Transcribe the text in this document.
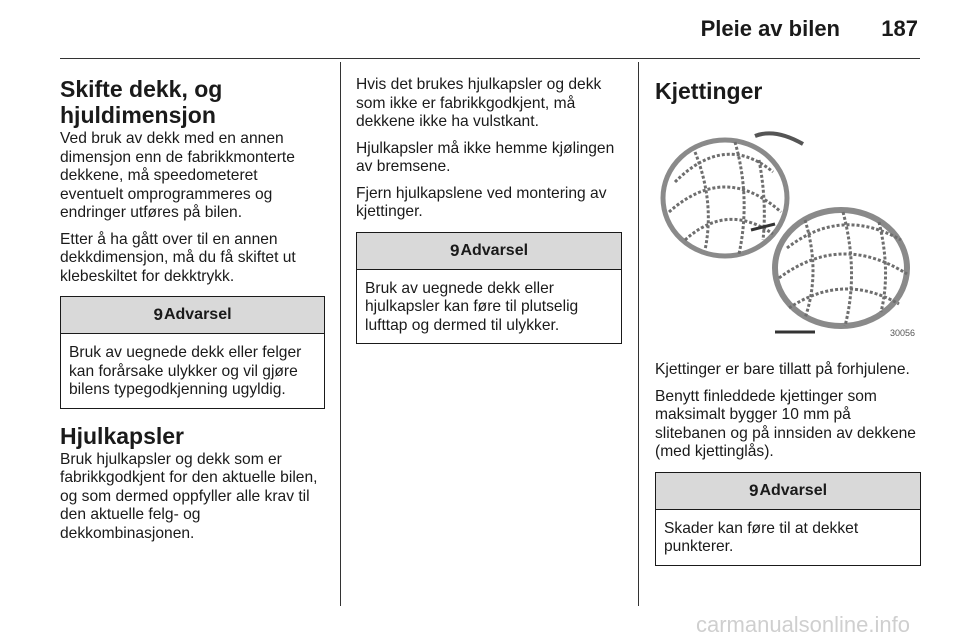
Pleie av bilen 187
Skifte dekk, og hjuldimensjon

Ved bruk av dekk med en annen dimensjon enn de fabrikkmonterte dekkene, må speedometeret eventuelt omprogrammeres og endringer utføres på bilen.

Etter å ha gått over til en annen dekkdimensjon, må du få skiftet ut klebeskiltet for dekktrykk.

9 Advarsel
Bruk av uegnede dekk eller felger kan forårsake ulykker og vil gjøre bilens typegodkjenning ugyldig.
Hjulkapsler

Bruk hjulkapsler og dekk som er fabrikkgodkjent for den aktuelle bilen, og som dermed oppfyller alle krav til den aktuelle felg- og dekkombinasjonen.

Hvis det brukes hjulkapsler og dekk som ikke er fabrikkgodkjent, må dekkene ikke ha vulstkant.

Hjulkapsler må ikke hemme kjølingen av bremsene.

Fjern hjulkapslene ved montering av kjettinger.

9 Advarsel
Bruk av uegnede dekk eller hjulkapsler kan føre til plutselig lufttap og dermed til ulykker.
Kjettinger
30056

Kjettinger er bare tillatt på forhjulene.

Benytt finleddede kjettinger som maksimalt bygger 10 mm på slitebanen og på innsiden av dekkene (med kjettinglås).

9 Advarsel
Skader kan føre til at dekket punkterer.
carmanualsonline.info
